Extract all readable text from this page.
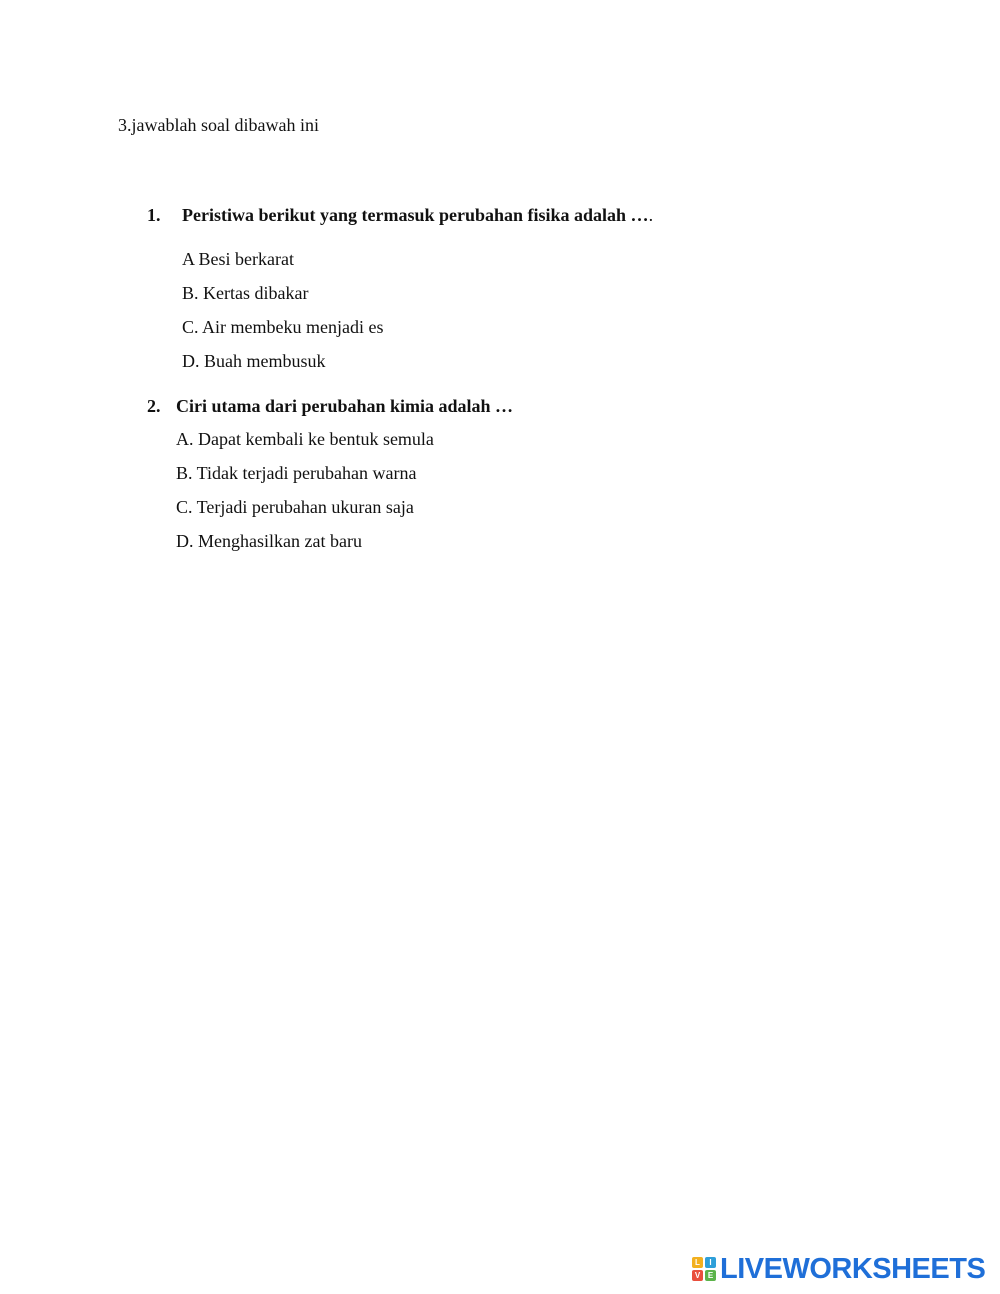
3.jawablah soal dibawah ini
1. Peristiwa berikut yang termasuk perubahan fisika adalah ….
A Besi berkarat
B. Kertas dibakar
C. Air membeku menjadi es
D. Buah membusuk
2. Ciri utama dari perubahan kimia adalah …
A. Dapat kembali ke bentuk semula
B. Tidak terjadi perubahan warna
C. Terjadi perubahan ukuran saja
D. Menghasilkan zat baru
L	I
V E LIVEWORKSHEETS
